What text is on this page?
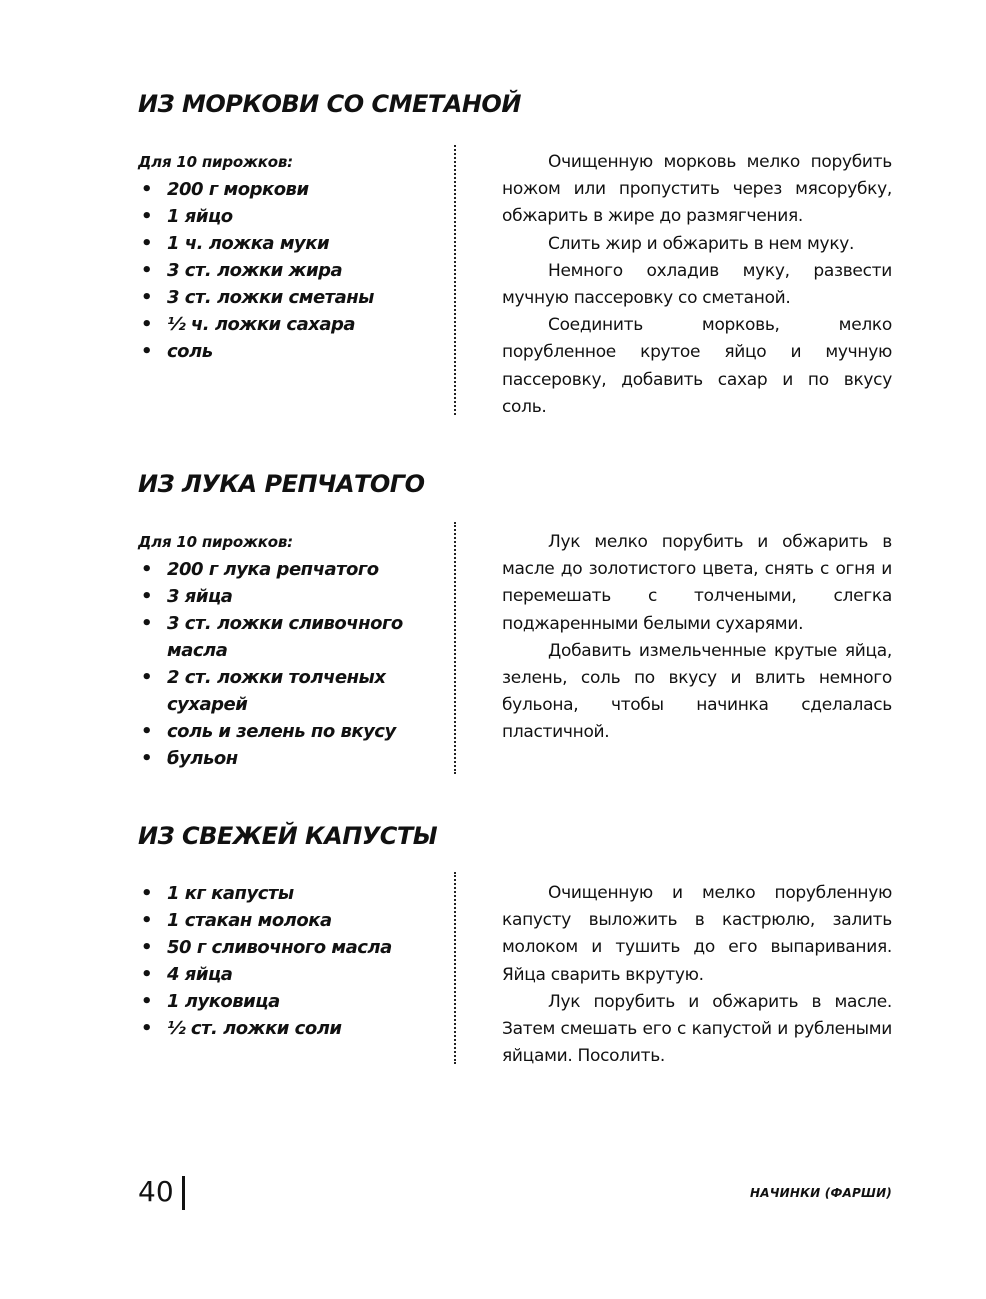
ИЗ МОРКОВИ СО СМЕТАНОЙ
Для 10 пирожков:
• 200 г моркови
• 1 яйцо
• 1 ч. ложка муки
• 3 ст. ложки жира
• 3 ст. ложки сметаны
• ½ ч. ложки сахара
• соль

Очищенную морковь мелко порубить ножом или пропустить через мясорубку, обжарить в жире до размягчения.

Слить жир и обжарить в нем муку.

Немного охладив муку, развести мучную пассеровку со сметаной.

Соединить морковь, мелко порубленное крутое яйцо и мучную пассеровку, добавить сахар и по вкусу соль.

ИЗ ЛУКА РЕПЧАТОГО
Для 10 пирожков:
• 200 г лука репчатого
• 3 яйца
• 3 ст. ложки сливочного масла
• 2 ст. ложки толченых сухарей
• соль и зелень по вкусу
• бульон

Лук мелко порубить и обжарить в масле до золотистого цвета, снять с огня и перемешать с толчеными, слегка поджаренными белыми сухарями.

Добавить измельченные крутые яйца, зелень, соль по вкусу и влить немного бульона, чтобы начинка сделалась пластичной.

ИЗ СВЕЖЕЙ КАПУСТЫ
• 1 кг капусты
• 1 стакан молока
• 50 г сливочного масла
• 4 яйца
• 1 луковица
• ½ ст. ложки соли

Очищенную и мелко порубленную капусту выложить в кастрюлю, залить молоком и тушить до его выпаривания. Яйца сварить вкрутую.

Лук порубить и обжарить в масле. Затем смешать его с капустой и рублеными яйцами. Посолить.

40	НАЧИНКИ (ФАРШИ)
